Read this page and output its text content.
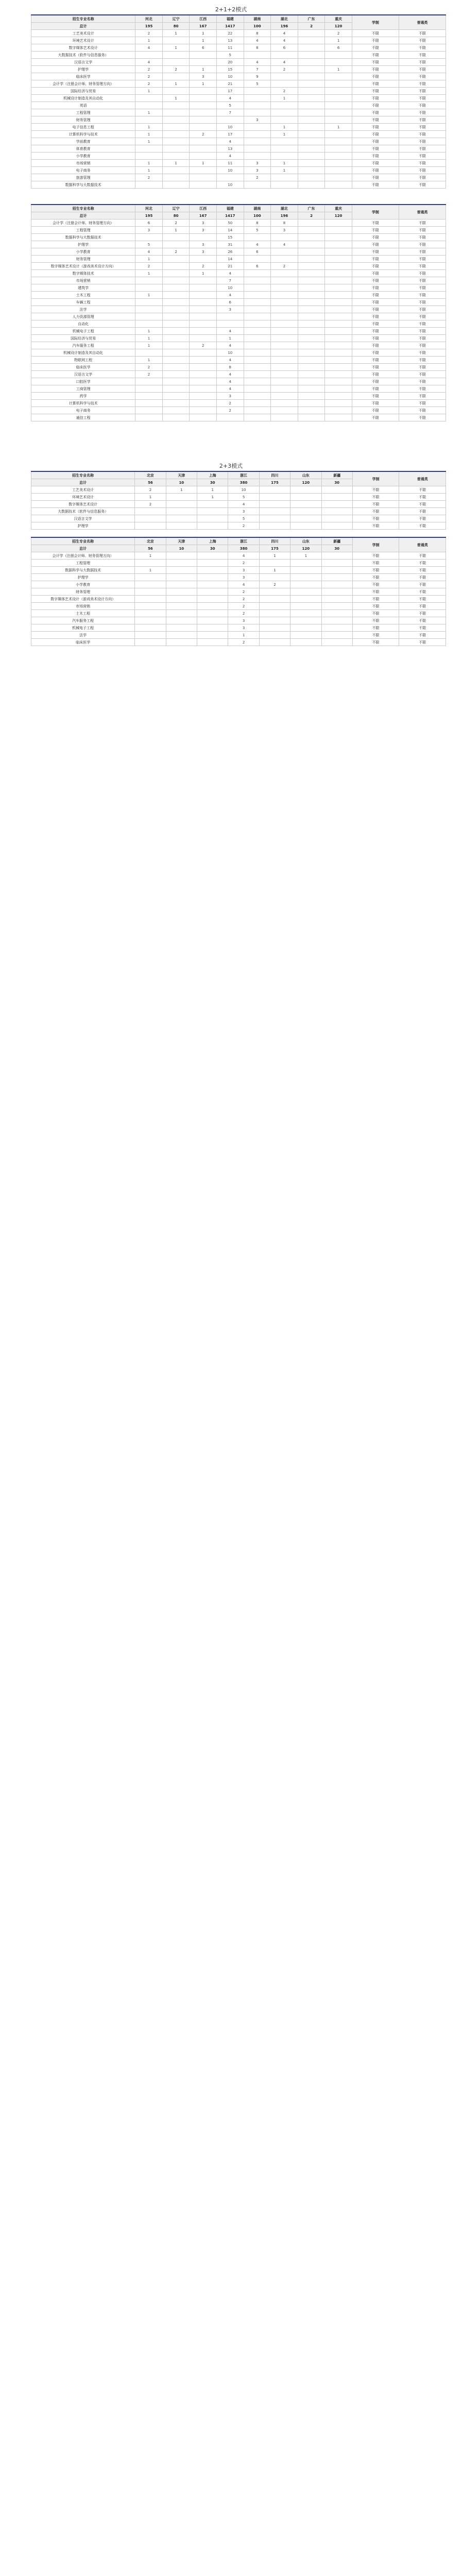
2+1+2模式
招生专业名称	河北	辽宁	江西	福建	湖南	湖北	广东	重庆	学制	普通类
总计	195	80	167	1417	100	196	2	120		
工艺美术设计	2	1	1	22	8	4		2	不限	不限
环境艺术设计	1		1	13	4	4		1	不限	不限
数字媒体艺术设计	4	1	6	11	8	6		6	不限	不限
大数据技术（软件与信息服务）				5					不限	不限
汉语言文学	4			20	4	4			不限	不限
护理学	2	2	1	15	7	2		1	不限	不限
临床医学	2		3	10	9				不限	不限
会计学（注册会计师、财务管理方向）	2	1	1	21	5				不限	不限
国际经济与贸易	1			17		2			不限	不限
机械设计制造及其自动化		1		4		1			不限	不限
英语				5					不限	不限
工程管理	1			7					不限	不限
财务管理					3				不限	不限
电子信息工程	1			10		1		1	不限	不限
计算机科学与技术	1		2	17		1			不限	不限
学前教育	1			4					不限	不限
体育教育				13					不限	不限
小学教育				4					不限	不限
市场营销	1	1	1	11	3	1			不限	不限
电子商务	1			10	3	1			不限	不限
旅游管理	2				2				不限	不限
数据科学与大数据技术				10					不限	不限
招生专业名称	河北	辽宁	江西	福建	湖南	湖北	广东	重庆	学制	普通类
总计	195	80	167	1417	100	196	2	120		
会计学（注册会计师、财务管理方向）	6	2	3	50	8	8			不限	不限
工程管理	3	1	3	14	5	3			不限	不限
数据科学与大数据技术				15					不限	不限
护理学	5		3	31	4	4			不限	不限
小学教育	4	2	3	26	6				不限	不限
财务管理	1			14					不限	不限
数字媒体艺术设计（游戏美术设计方向）	2		2	21	6	2			不限	不限
数字媒体技术	1		1	4					不限	不限
市场营销				7					不限	不限
建筑学				10					不限	不限
土木工程	1			4					不限	不限
车辆工程				6					不限	不限
法学				3					不限	不限
人力资源管理									不限	不限
自动化									不限	不限
机械电子工程	1			4					不限	不限
国际经济与贸易	1			1					不限	不限
汽车服务工程	1		2	4					不限	不限
机械设计制造及其自动化				10					不限	不限
物联网工程	1			4					不限	不限
临床医学	2			8					不限	不限
汉语言文学	2			4					不限	不限
口腔医学				4					不限	不限
工商管理				4					不限	不限
药学				3					不限	不限
计算机科学与技术				2					不限	不限
电子商务				2					不限	不限
通信工程									不限	不限
2+3模式
招生专业名称	北京	天津	上海	浙江	四川	山东	新疆	学制	普通类
总计	56	10	30	380	175	120	30		
工艺美术设计	2	1	1	10				不限	不限
环境艺术设计	1		1	5				不限	不限
数字媒体艺术设计	2			4				不限	不限
大数据技术（软件与信息服务）				3				不限	不限
汉语言文学				5				不限	不限
护理学				2				不限	不限
招生专业名称	北京	天津	上海	浙江	四川	山东	新疆	学制	普通类
总计	56	10	30	380	175	120	30		
会计学（注册会计师、财务管理方向）	1			4	1	1		不限	不限
工程管理				2				不限	不限
数据科学与大数据技术	1			3	1			不限	不限
护理学				3				不限	不限
小学教育				4	2			不限	不限
财务管理				2				不限	不限
数字媒体艺术设计（游戏美术设计方向）				2				不限	不限
市场营销				2				不限	不限
土木工程				2				不限	不限
汽车服务工程				3				不限	不限
机械电子工程				3				不限	不限
法学				1				不限	不限
临床医学				2				不限	不限
